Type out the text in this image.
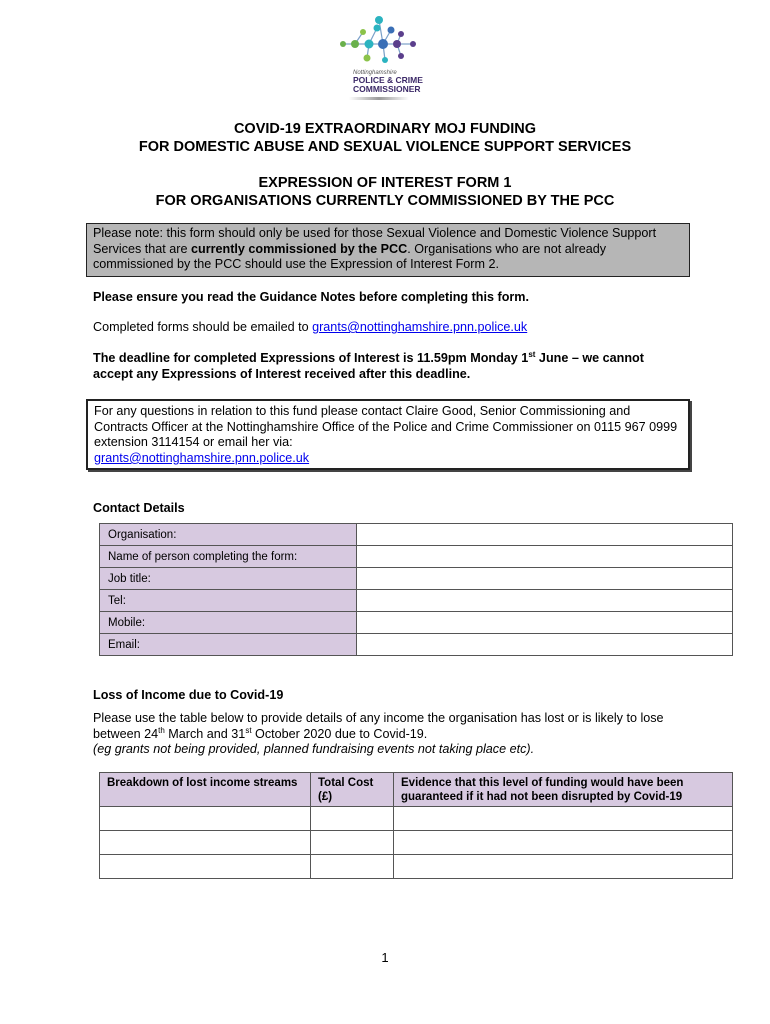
Nottinghamshire
POLICE & CRIME
COMMISSIONER
COVID-19 EXTRAORDINARY MOJ FUNDING
FOR DOMESTIC ABUSE AND SEXUAL VIOLENCE SUPPORT SERVICES
EXPRESSION OF INTEREST FORM 1
FOR ORGANISATIONS CURRENTLY COMMISSIONED BY THE PCC
Please note: this form should only be used for those Sexual Violence and Domestic Violence Support Services that are currently commissioned by the PCC. Organisations who are not already commissioned by the PCC should use the Expression of Interest Form 2.
Please ensure you read the Guidance Notes before completing this form.
Completed forms should be emailed to grants@nottinghamshire.pnn.police.uk
The deadline for completed Expressions of Interest is 11.59pm Monday 1st June – we cannot accept any Expressions of Interest received after this deadline.
For any questions in relation to this fund please contact Claire Good, Senior Commissioning and Contracts Officer at the Nottinghamshire Office of the Police and Crime Commissioner on 0115 967 0999 extension 3114154 or email her via:
grants@nottinghamshire.pnn.police.uk
Contact Details
Organisation:	
Name of person completing the form:	
Job title:	
Tel:	
Mobile:	
Email:	
Loss of Income due to Covid-19
Please use the table below to provide details of any income the organisation has lost or is likely to lose between 24th March and 31st October 2020 due to Covid-19.
(eg grants not being provided, planned fundraising events not taking place etc).
Breakdown of lost income streams	Total Cost (£)	Evidence that this level of funding would have been guaranteed if it had not been disrupted by Covid-19

1
